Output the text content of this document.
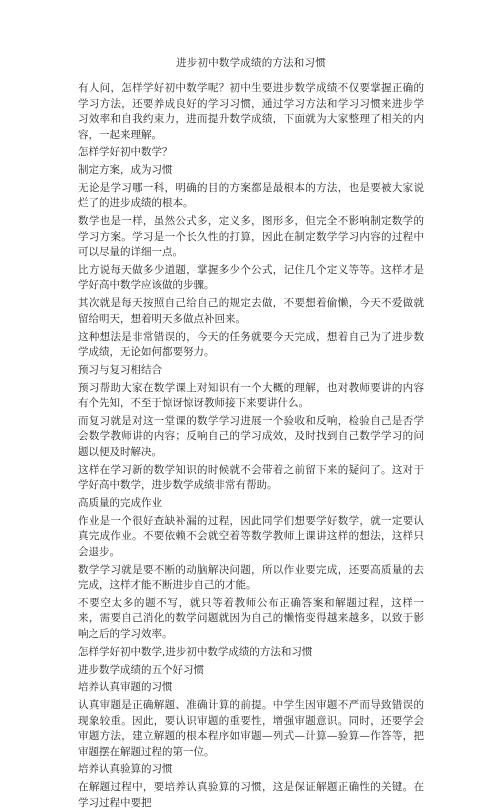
进步初中数学成绩的方法和习惯

有人问，怎样学好初中数学呢？初中生要进步数学成绩不仅要掌握正确的学习方法，还要养成良好的学习习惯，通过学习方法和学习习惯来进步学习效率和自我约束力，进而提升数学成绩，下面就为大家整理了相关的内容，一起来理解。

怎样学好初中数学？

制定方案，成为习惯

无论是学习哪一科，明确的目的方案都是最根本的方法，也是要被大家说烂了的进步成绩的根本。

数学也是一样，虽然公式多，定义多，图形多，但完全不影响制定数学的学习方案。学习是一个长久性的打算，因此在制定数学学习内容的过程中可以尽量的详细一点。

比方说每天做多少道题，掌握多少个公式，记住几个定义等等。这样才是学好高中数学应该做的步骤。

其次就是每天按照自己给自己的规定去做，不要想着偷懒，今天不爱做就留给明天，想着明天多做点补回来。

这种想法是非常错误的，今天的任务就要今天完成，想着自己为了进步数学成绩，无论如何都要努力。

预习与复习相结合

预习帮助大家在数学课上对知识有一个大概的理解，也对教师要讲的内容有个先知，不至于惊讶惊讶教师接下来要讲什么。

而复习就是对这一堂课的数学学习进展一个验收和反响，检验自己是否学会数学教师讲的内容；反响自己的学习成效，及时找到自己数学学习的问题以便及时解决。

这样在学习新的数学知识的时候就不会带着之前留下来的疑问了。这对于学好高中数学，进步数学成绩非常有帮助。

高质量的完成作业

作业是一个很好查缺补漏的过程，因此同学们想要学好数学，就一定要认真完成作业。不要依赖不会就空着等数学教师上课讲这样的想法，这样只会退步。

数学学习就是要不断的动脑解决问题，所以作业要完成，还要高质量的去完成，这样才能不断进步自己的才能。

不要空太多的题不写，就只等着教师公布正确答案和解题过程，这样一来，需要自己消化的数学问题就因为自己的懒惰变得越来越多，以致于影响之后的学习效率。

怎样学好初中数学,进步初中数学成绩的方法和习惯

进步数学成绩的五个好习惯

培养认真审题的习惯

认真审题是正确解题、准确计算的前提。中学生因审题不严而导致错误的现象较重。因此，要认识审题的重要性，增强审题意识。同时，还要学会审题方法，建立解题的根本程序如审题—列式—计算—验算—作答等，把审题摆在解题过程的第一位。

培养认真验算的习惯

在解题过程中，要培养认真验算的习惯，这是保证解题正确性的关键。在学习过程中要把
